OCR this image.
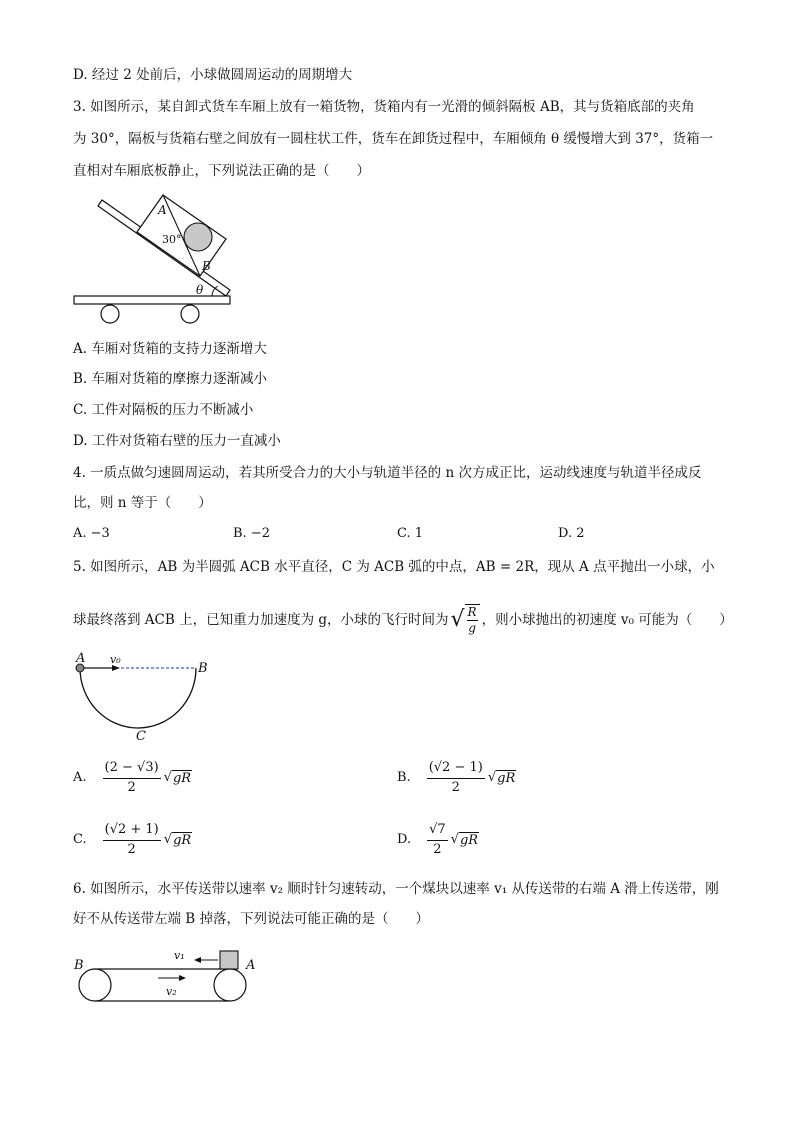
D. 经过 2 处前后，小球做圆周运动的周期增大
3. 如图所示，某自卸式货车车厢上放有一箱货物，货箱内有一光滑的倾斜隔板 AB，其与货箱底部的夹角
为 30°，隔板与货箱右壁之间放有一圆柱状工件，货车在卸货过程中，车厢倾角 θ 缓慢增大到 37°，货箱一
直相对车厢底板静止，下列说法正确的是（　　）
A
30°
B
θ
A. 车厢对货箱的支持力逐渐增大
B. 车厢对货箱的摩擦力逐渐减小
C. 工件对隔板的压力不断减小
D. 工件对货箱右壁的压力一直减小
4. 一质点做匀速圆周运动，若其所受合力的大小与轨道半径的 n 次方成正比，运动线速度与轨道半径成反
比，则 n 等于（　　）
A. −3	B. −2	C. 1	D. 2
5. 如图所示，AB 为半圆弧 ACB 水平直径，C 为 ACB 弧的中点，AB = 2R，现从 A 点平抛出一小球，小
球最终落到 ACB 上，已知重力加速度为 g，小球的飞行时间为 √ $\frac{R}{g}$ ，则小球抛出的初速度 v₀ 可能为（　　）
A v₀
B
C
A. $\frac{(2 - √3)}{2}$ √ gR	B. $\frac{(√2 - 1)}{2}$ √ gR
C. $\frac{(√2 + 1)}{2}$ √ gR	D. $\frac{√7}{2}$ √ gR
6. 如图所示，水平传送带以速率 v₂ 顺时针匀速转动，一个煤块以速率 v₁ 从传送带的右端 A 滑上传送带，刚
好不从传送带左端 B 掉落，下列说法可能正确的是（　　）
B	A
v₁
v₂
